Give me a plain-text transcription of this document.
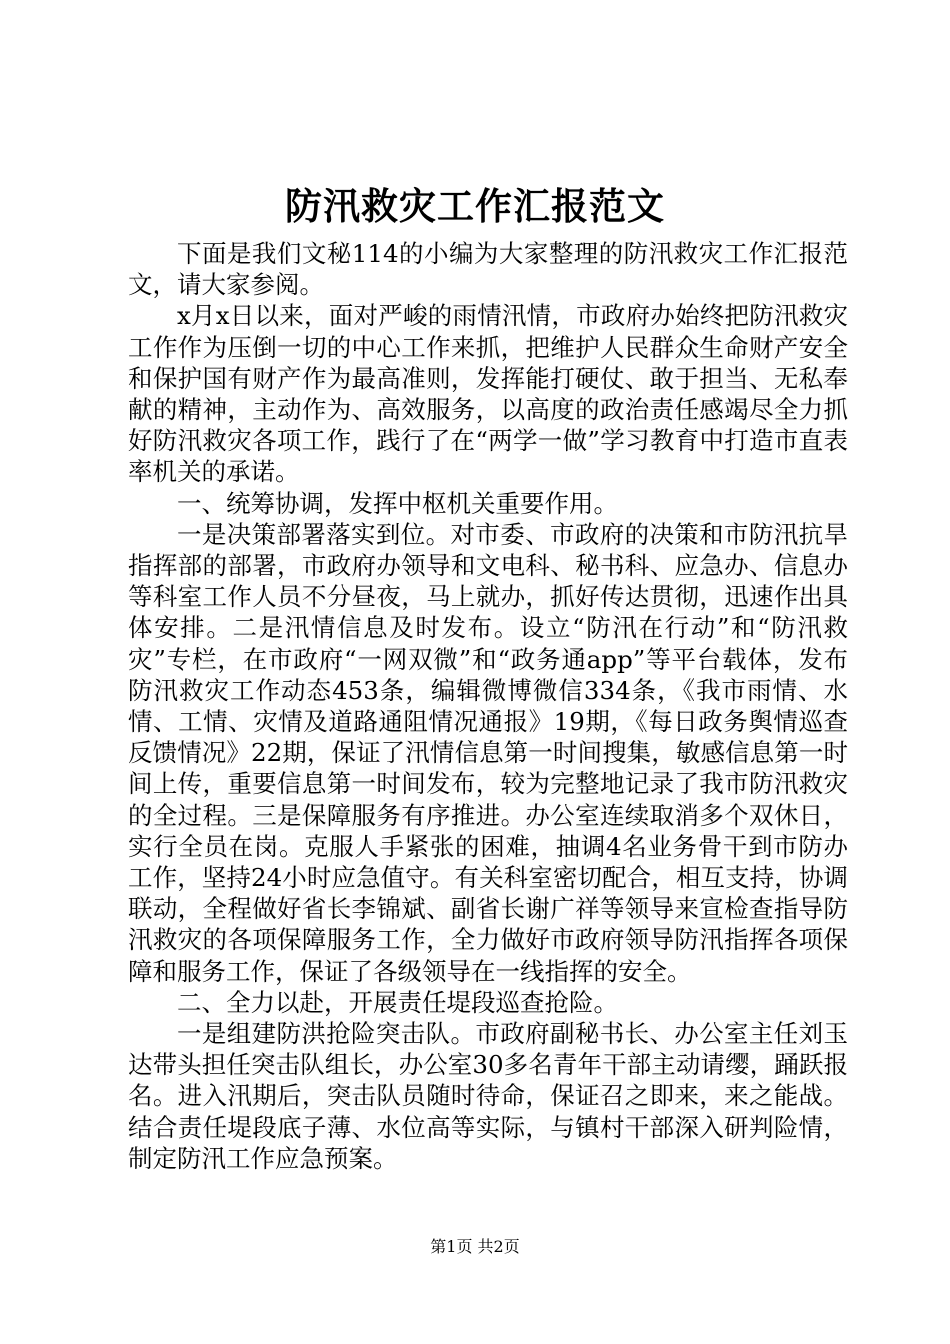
防汛救灾工作汇报范文

下面是我们文秘114的小编为大家整理的防汛救灾工作汇报范文，请大家参阅。

x月x日以来，面对严峻的雨情汛情，市政府办始终把防汛救灾工作作为压倒一切的中心工作来抓，把维护人民群众生命财产安全和保护国有财产作为最高准则，发挥能打硬仗、敢于担当、无私奉献的精神，主动作为、高效服务，以高度的政治责任感竭尽全力抓好防汛救灾各项工作，践行了在“两学一做”学习教育中打造市直表率机关的承诺。

一、统筹协调，发挥中枢机关重要作用。

一是决策部署落实到位。对市委、市政府的决策和市防汛抗旱指挥部的部署，市政府办领导和文电科、秘书科、应急办、信息办等科室工作人员不分昼夜，马上就办，抓好传达贯彻，迅速作出具体安排。二是汛情信息及时发布。设立“防汛在行动”和“防汛救灾”专栏，在市政府“一网双微”和“政务通app”等平台载体，发布防汛救灾工作动态453条，编辑微博微信334条，《我市雨情、水情、工情、灾情及道路通阻情况通报》19期，《每日政务舆情巡查反馈情况》22期，保证了汛情信息第一时间搜集，敏感信息第一时间上传，重要信息第一时间发布，较为完整地记录了我市防汛救灾的全过程。三是保障服务有序推进。办公室连续取消多个双休日，实行全员在岗。克服人手紧张的困难，抽调4名业务骨干到市防办工作，坚持24小时应急值守。有关科室密切配合，相互支持，协调联动，全程做好省长李锦斌、副省长谢广祥等领导来宣检查指导防汛救灾的各项保障服务工作，全力做好市政府领导防汛指挥各项保障和服务工作，保证了各级领导在一线指挥的安全。

二、全力以赴，开展责任堤段巡查抢险。

一是组建防洪抢险突击队。市政府副秘书长、办公室主任刘玉达带头担任突击队组长，办公室30多名青年干部主动请缨，踊跃报名。进入汛期后，突击队员随时待命，保证召之即来，来之能战。结合责任堤段底子薄、水位高等实际，与镇村干部深入研判险情，制定防汛工作应急预案。

第1页 共2页
